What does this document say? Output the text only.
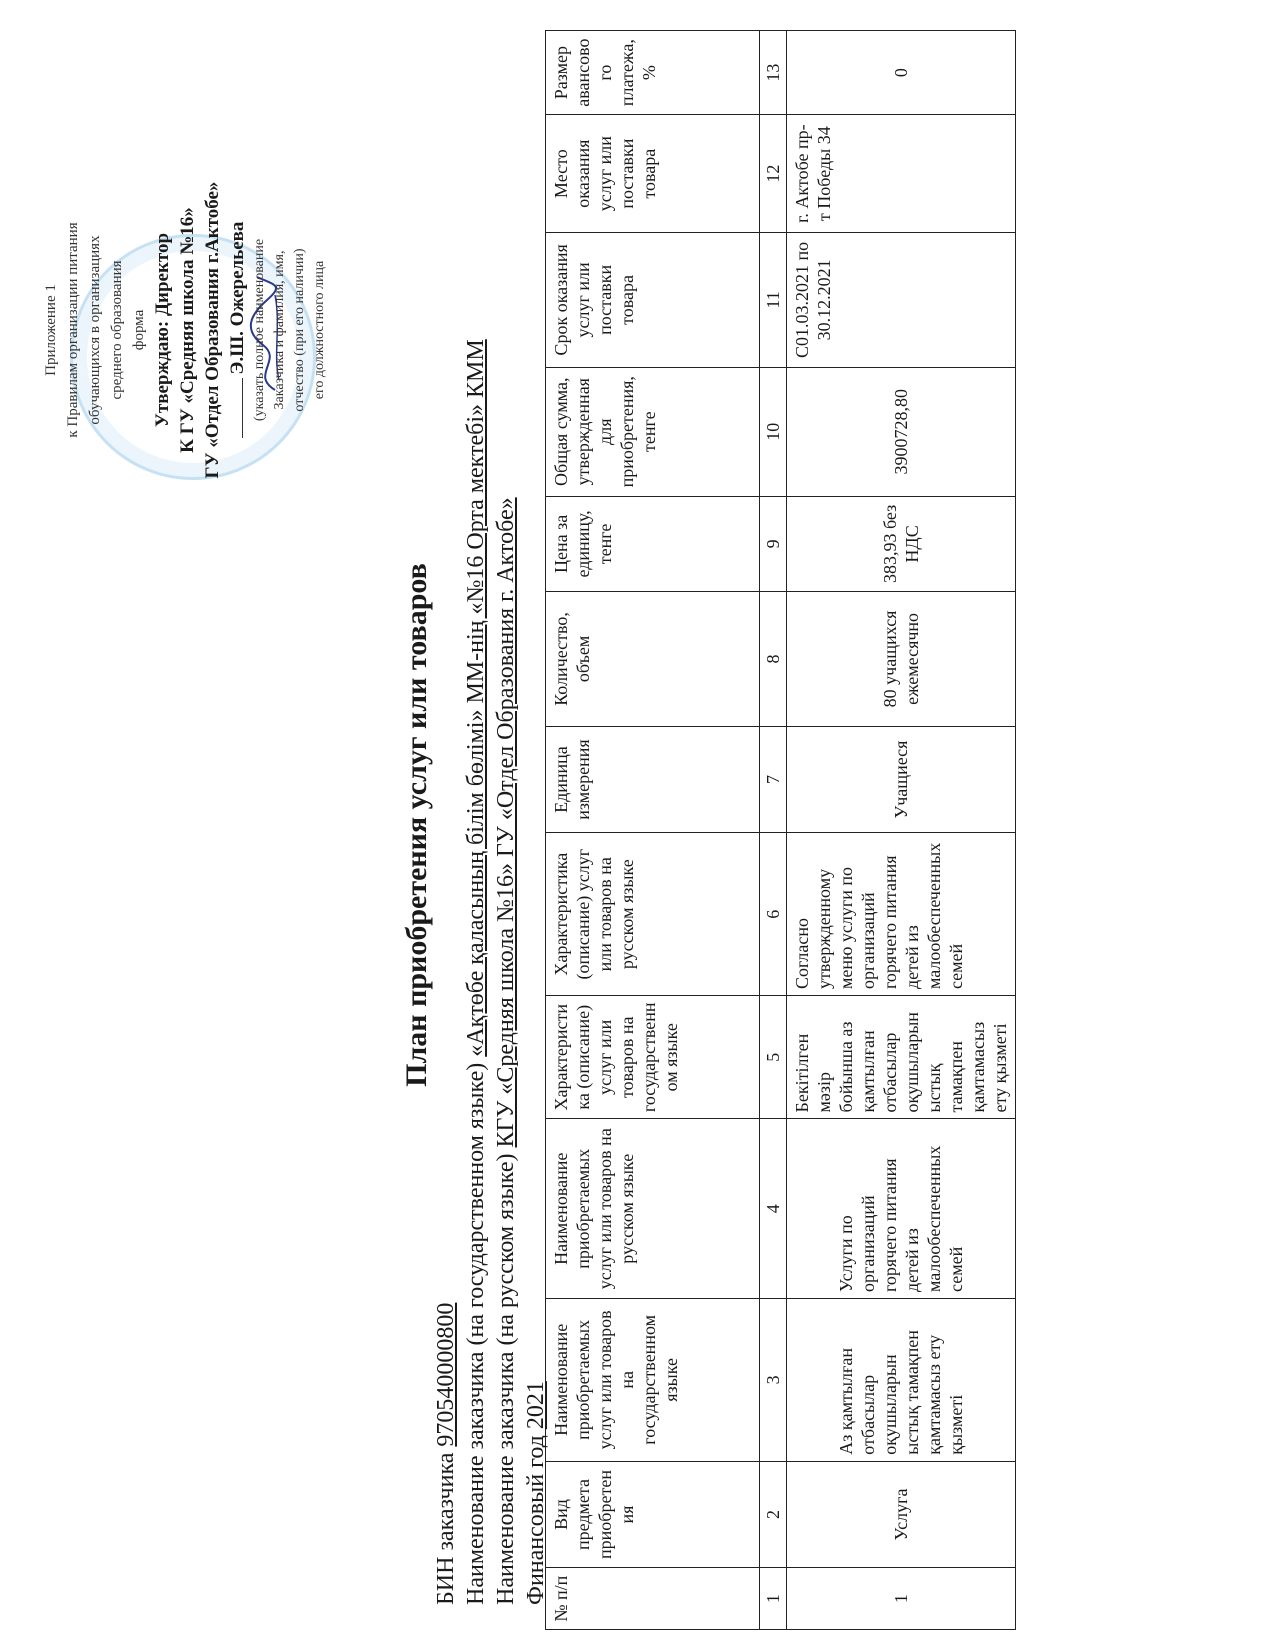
Приложение 1 к Правилам организации питания обучающихся в организациях среднего образования форма Утверждаю: Директор К ГУ «Средняя школа №16» ГУ «Отдел Образования г.Актобе» Э.Ш. Ожерельева (указать полное наименование Заказчика и фамилия, имя, отчество (при его наличии) его должностного лица
План приобретения услуг или товаров
БИН заказчика 970540000800 Наименование заказчика (на государственном языке) «Ақтөбе қаласының білім бөлімі» ММ-нің «№16 Орта мектебі» КММ
Наименование заказчика (на русском языке) КГУ «Средняя школа №16» ГУ «Отдел Образования г. Актобе»
Финансовый год 2021
№ п/п	Вид предмета приобретения	Наименование приобретаемых услуг или товаров на государственном языке	Наименование приобретаемых услуг или товаров на русском языке	Характеристика (описание) услуг или товаров на государственном языке	Характеристика (описание) услуг или товаров на русском языке	Единица измерения	Количество, объем	Цена за единицу, тенге	Общая сумма, утвержденная для приобретения, тенге	Срок оказания услуг или поставки товара	Место оказания услуг или поставки товара	Размер авансового платежа, %
1	2	3	4	5	6	7	8	9	10	11	12	13
1	Услуга	Аз қамтылған отбасылар оқушыларын ыстық тамақпен қамтамасыз ету қызметі	Услуги по организаций горячего питания детей из малообеспеченных семей	Бекітілген мәзір бойынша аз қамтылған отбасылар оқушыларын ыстық тамақпен қамтамасыз ету қызметі	Согласно утвержденному меню услуги по организаций горячего питания детей из малообеспеченных семей	Учащиеся	80 учащихся ежемесячно	383,93 без НДС	3900728,80	С01.03.2021 по 30.12.2021	г. Актобе пр-т Победы 34	0
